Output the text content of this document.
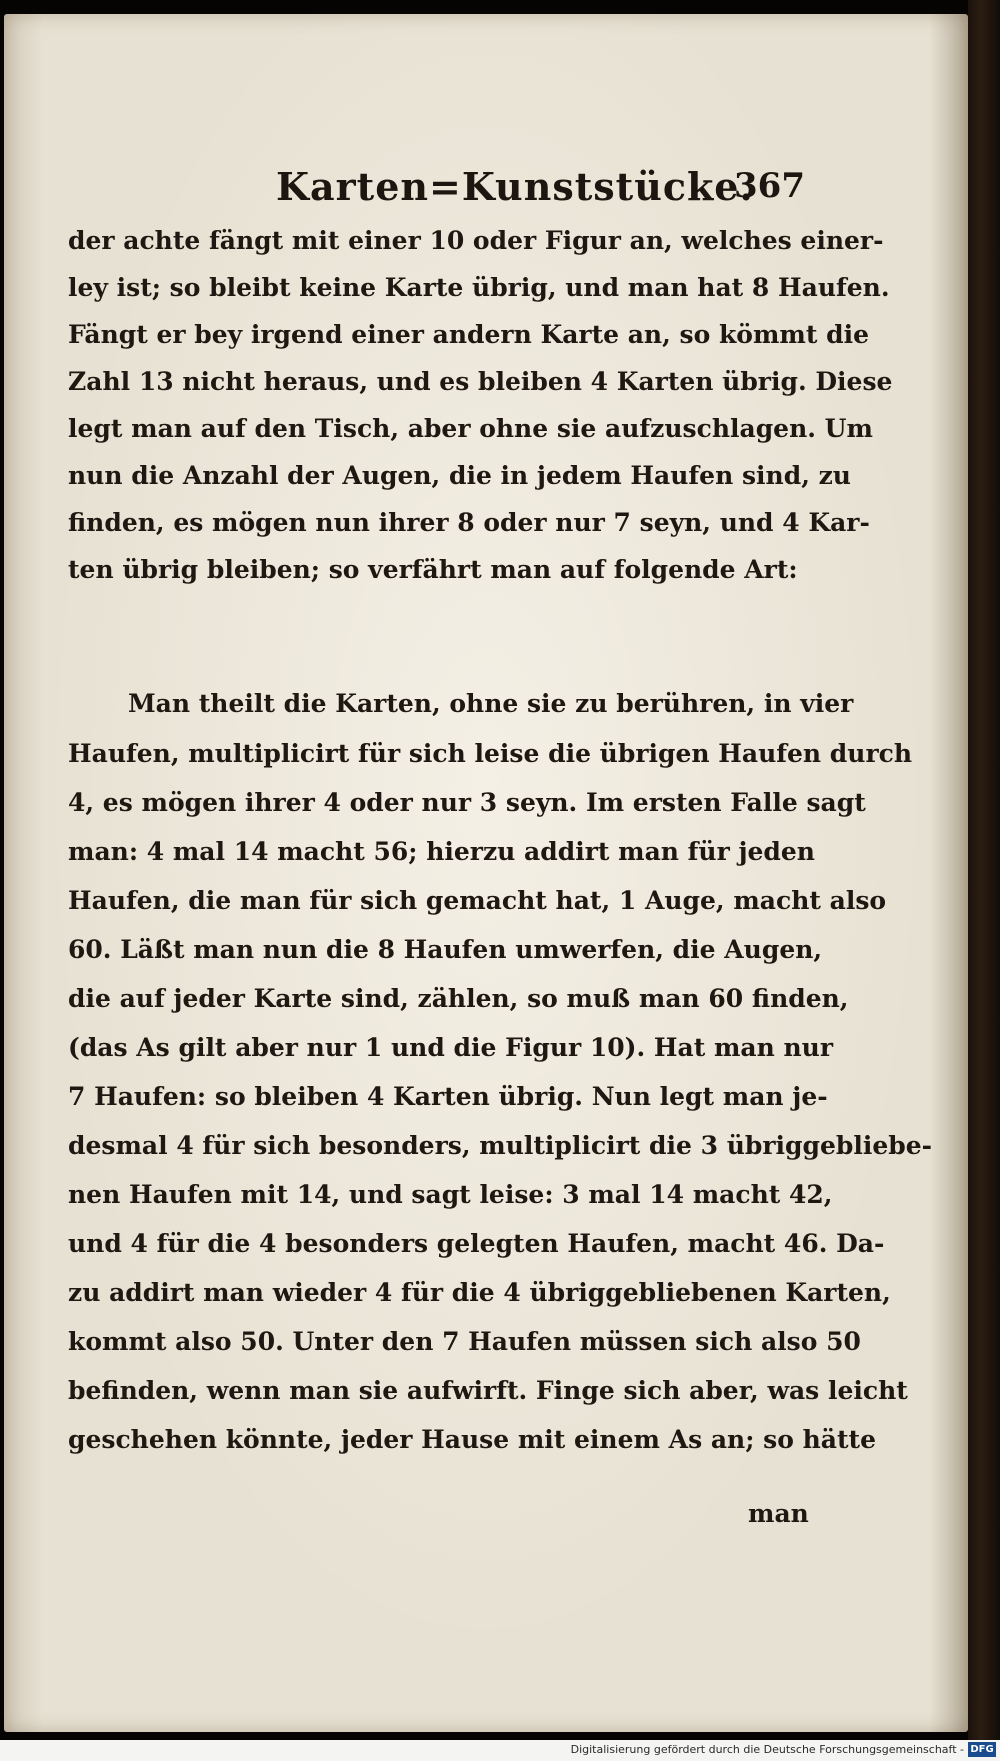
Karten=Kunststücke.
367
der achte fängt mit einer 10 oder Figur an, welches einer-
ley ist; so bleibt keine Karte übrig, und man hat 8 Haufen.
Fängt er bey irgend einer andern Karte an, so kömmt die
Zahl 13 nicht heraus, und es bleiben 4 Karten übrig. Diese
legt man auf den Tisch, aber ohne sie aufzuschlagen. Um
nun die Anzahl der Augen, die in jedem Haufen sind, zu
finden, es mögen nun ihrer 8 oder nur 7 seyn, und 4 Kar-
ten übrig bleiben; so verfährt man auf folgende Art:
Man theilt die Karten, ohne sie zu berühren, in vier
Haufen, multiplicirt für sich leise die übrigen Haufen durch
4, es mögen ihrer 4 oder nur 3 seyn. Im ersten Falle sagt
man: 4 mal 14 macht 56; hierzu addirt man für jeden
Haufen, die man für sich gemacht hat, 1 Auge, macht also
60. Läßt man nun die 8 Haufen umwerfen, die Augen,
die auf jeder Karte sind, zählen, so muß man 60 finden,
(das As gilt aber nur 1 und die Figur 10). Hat man nur
7 Haufen: so bleiben 4 Karten übrig. Nun legt man je-
desmal 4 für sich besonders, multiplicirt die 3 übriggebliebe-
nen Haufen mit 14, und sagt leise: 3 mal 14 macht 42,
und 4 für die 4 besonders gelegten Haufen, macht 46. Da-
zu addirt man wieder 4 für die 4 übriggebliebenen Karten,
kommt also 50. Unter den 7 Haufen müssen sich also 50
befinden, wenn man sie aufwirft. Finge sich aber, was leicht
geschehen könnte, jeder Hause mit einem As an; so hätte
man
Digitalisierung gefördert durch die Deutsche Forschungsgemeinschaft - DFG
